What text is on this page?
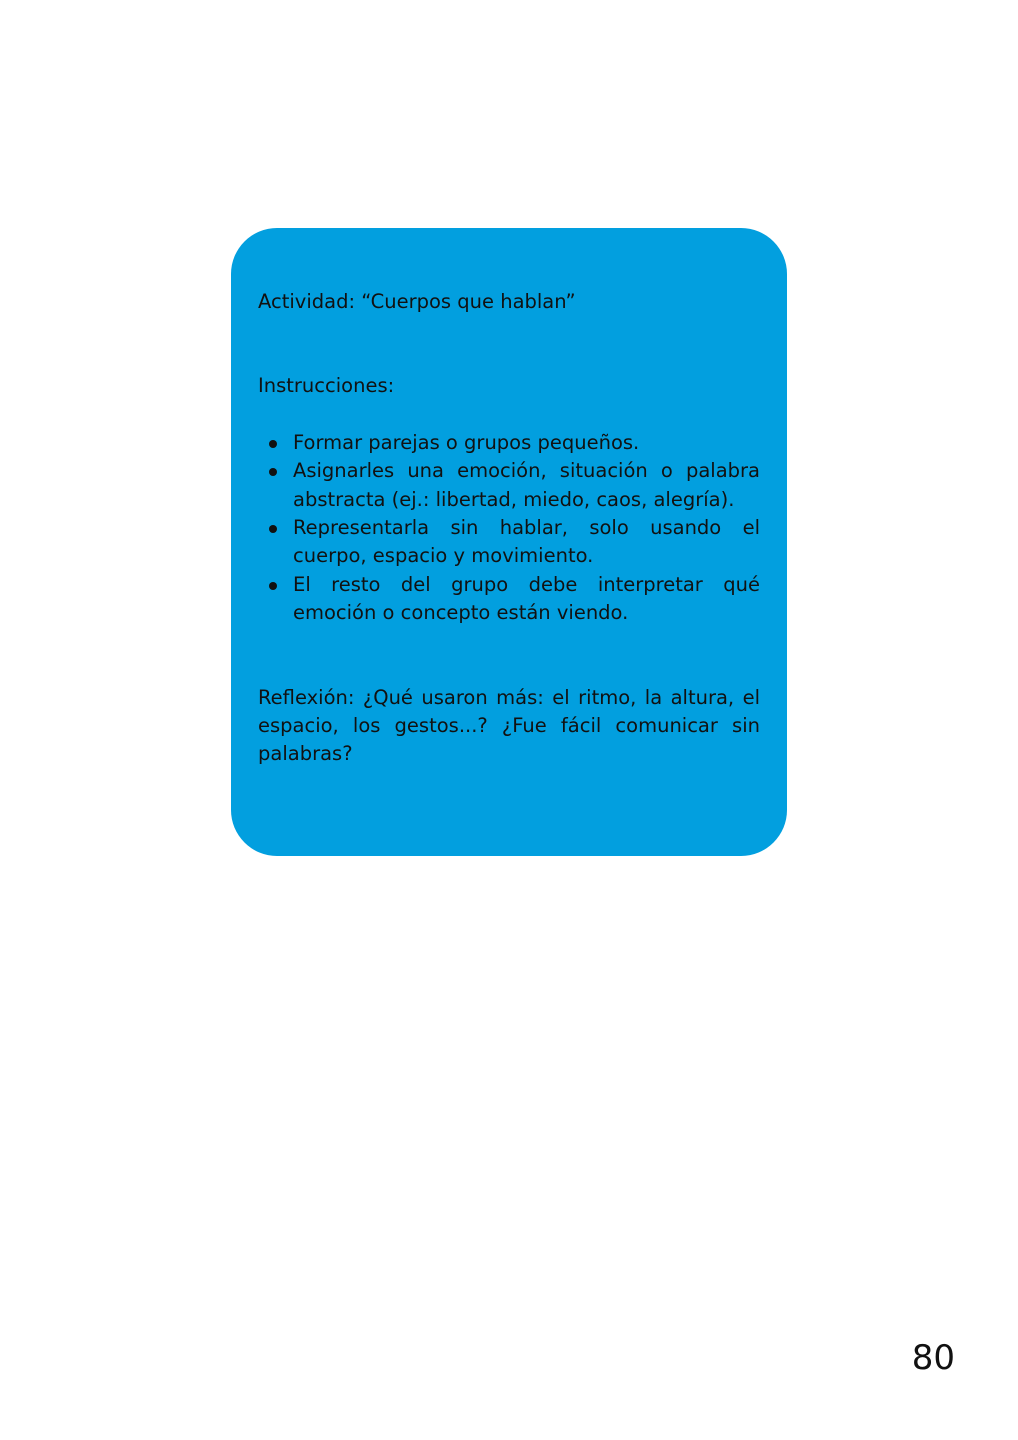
Actividad: “Cuerpos que hablan”

Instrucciones:

Formar parejas o grupos pequeños.
Asignarles una emoción, situación o palabra abstracta (ej.: libertad, miedo, caos, alegría).
Representarla sin hablar, solo usando el cuerpo, espacio y movimiento.
El resto del grupo debe interpretar qué emoción o concepto están viendo.

Reflexión: ¿Qué usaron más: el ritmo, la altura, el espacio, los gestos...? ¿Fue fácil comunicar sin palabras?

80
